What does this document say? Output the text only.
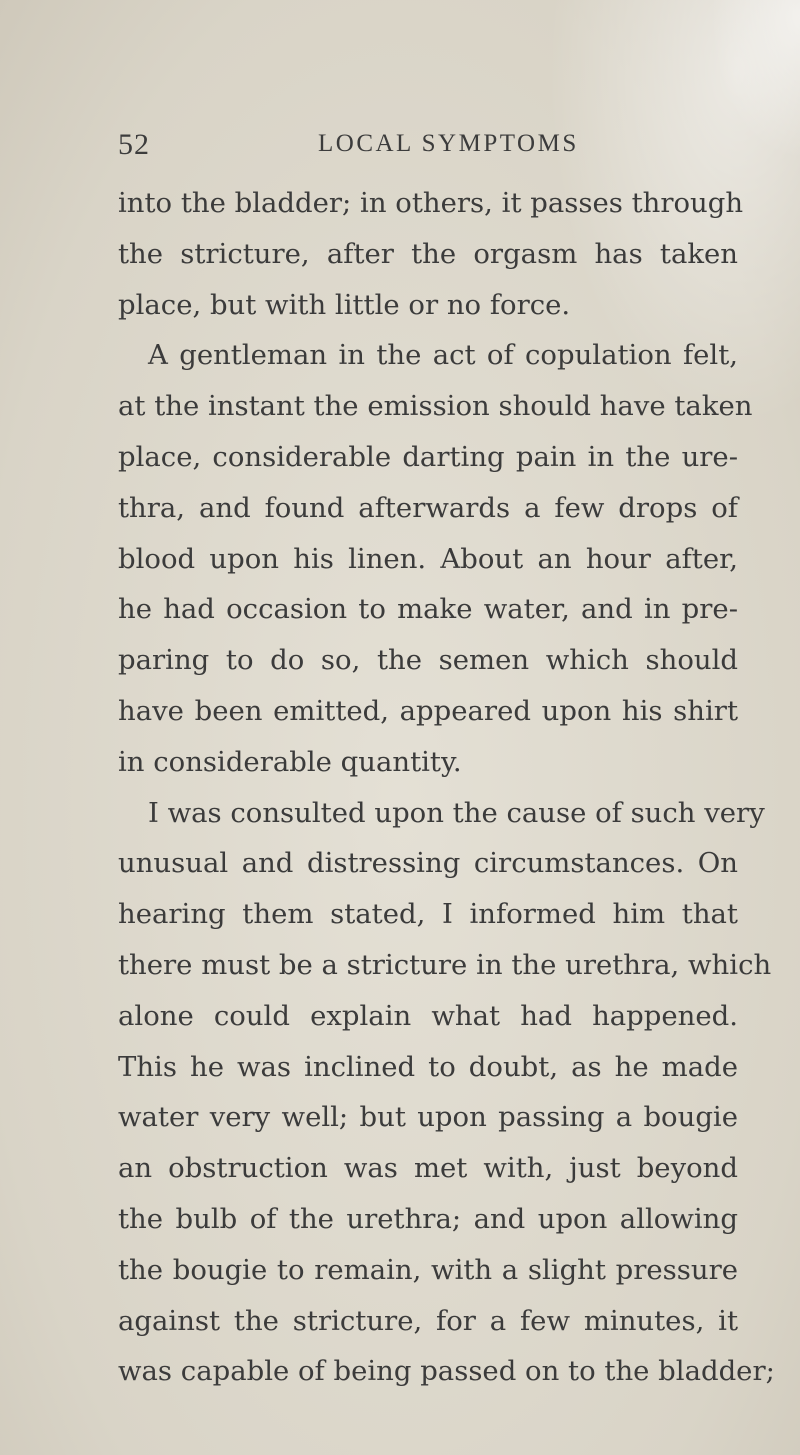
52	LOCAL SYMPTOMS
into the bladder; in others, it passes through
the stricture, after the orgasm has taken
place, but with little or no force.
A gentleman in the act of copulation felt,
at the instant the emission should have taken
place, considerable darting pain in the ure-
thra, and found afterwards a few drops of
blood upon his linen. About an hour after,
he had occasion to make water, and in pre-
paring to do so, the semen which should
have been emitted, appeared upon his shirt
in considerable quantity.
I was consulted upon the cause of such very
unusual and distressing circumstances. On
hearing them stated, I informed him that
there must be a stricture in the urethra, which
alone could explain what had happened.
This he was inclined to doubt, as he made
water very well; but upon passing a bougie
an obstruction was met with, just beyond
the bulb of the urethra; and upon allowing
the bougie to remain, with a slight pressure
against the stricture, for a few minutes, it
was capable of being passed on to the bladder;
